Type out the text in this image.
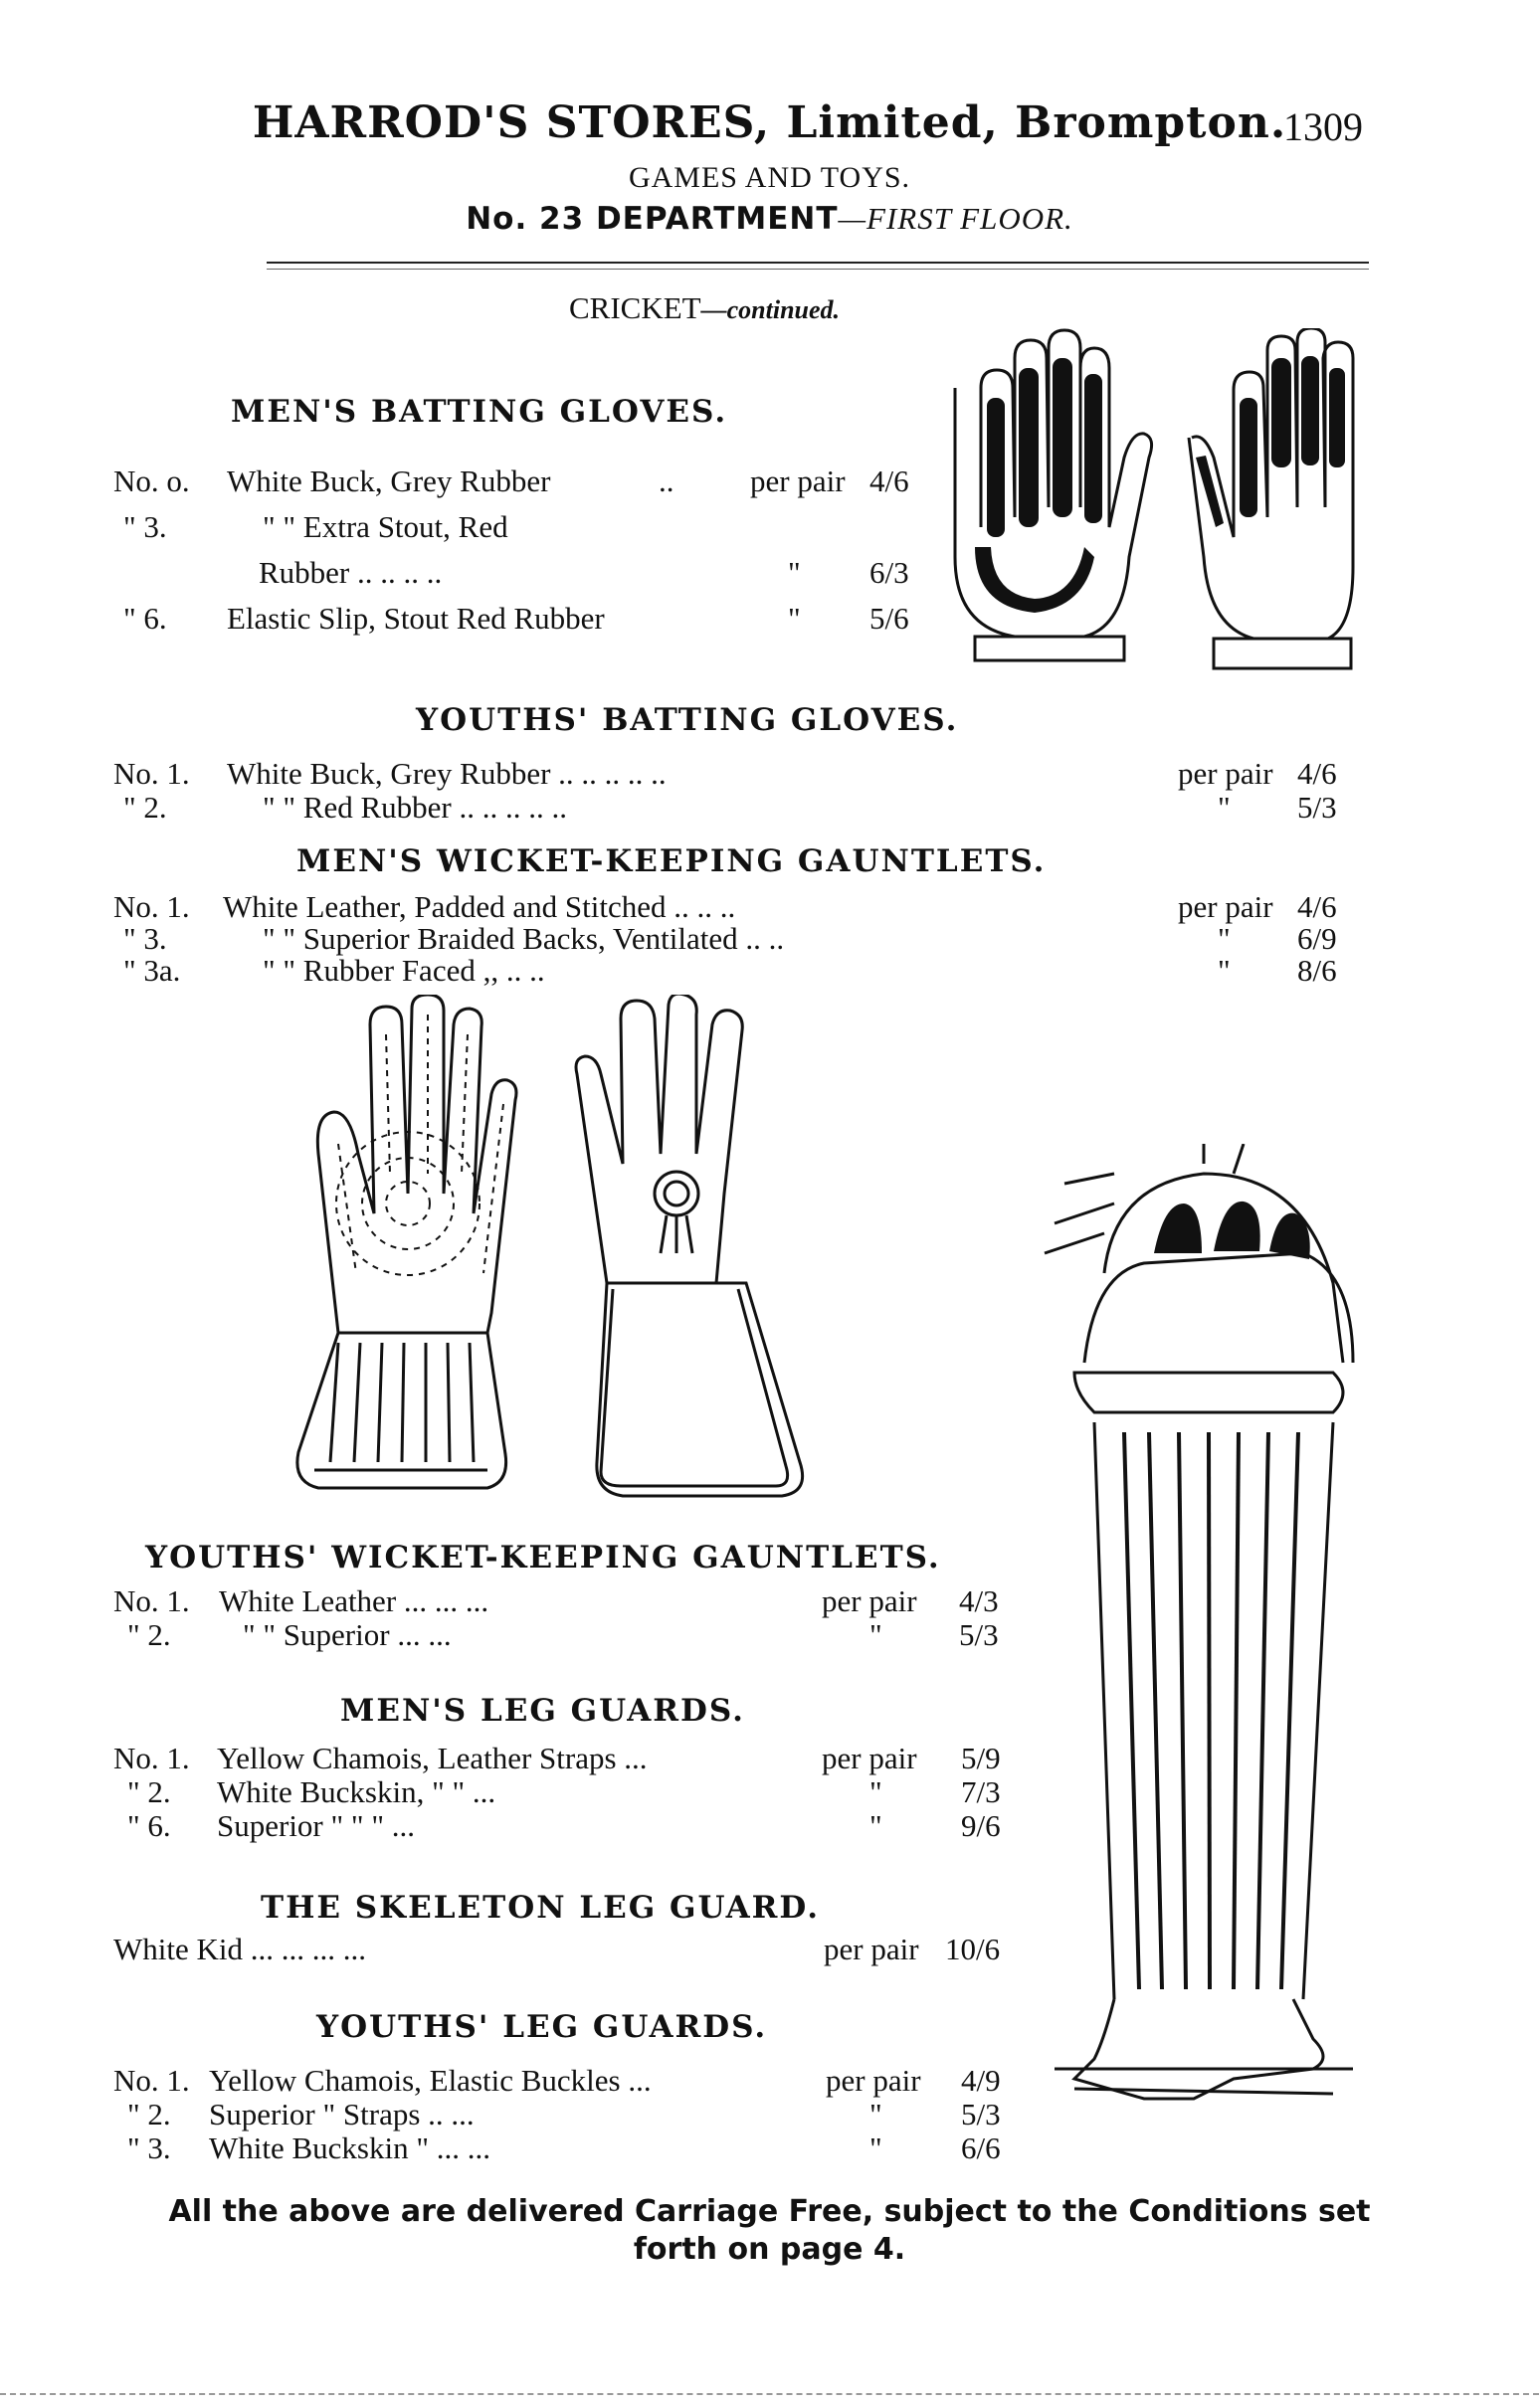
HARROD'S STORES, Limited, Brompton.
1309
GAMES AND TOYS.
No. 23 DEPARTMENT—FIRST FLOOR.
CRICKET—continued.
MEN'S BATTING GLOVES.
No. o. White Buck, Grey Rubber	.. per pair 4/6
" 3.	" " Extra Stout, Red
Rubber .. .. .. ..	" 6/3
" 6. Elastic Slip, Stout Red Rubber	" 5/6
YOUTHS' BATTING GLOVES.
No. 1. White Buck, Grey Rubber .. .. .. .. ..	per pair 4/6
" 2.	" " Red Rubber .. .. .. .. ..	" 5/3
MEN'S WICKET-KEEPING GAUNTLETS.
No. 1. White Leather, Padded and Stitched .. .. ..	per pair 4/6
" 3.	" " Superior Braided Backs, Ventilated .. ..	" 6/9
" 3a.	" " Rubber Faced ,, .. ..	" 8/6
YOUTHS' WICKET-KEEPING GAUNTLETS.
No. 1. White Leather ... ... ...	per pair 4/3
" 2. " " Superior ... ...	" 5/3
MEN'S LEG GUARDS.
No. 1. Yellow Chamois, Leather Straps ...	per pair 5/9
" 2. White Buckskin, " " ...	"	7/3
" 6. Superior " " " ...	"	9/6
THE SKELETON LEG GUARD.
White Kid ... ... ... ...	per pair 10/6
YOUTHS' LEG GUARDS.
No. 1. Yellow Chamois, Elastic Buckles ...	per pair 4/9
" 2. Superior " Straps .. ...	"	5/3
" 3. White Buckskin " ... ...	"	6/6
All the above are delivered Carriage Free, subject to the Conditions set
forth on page 4.
